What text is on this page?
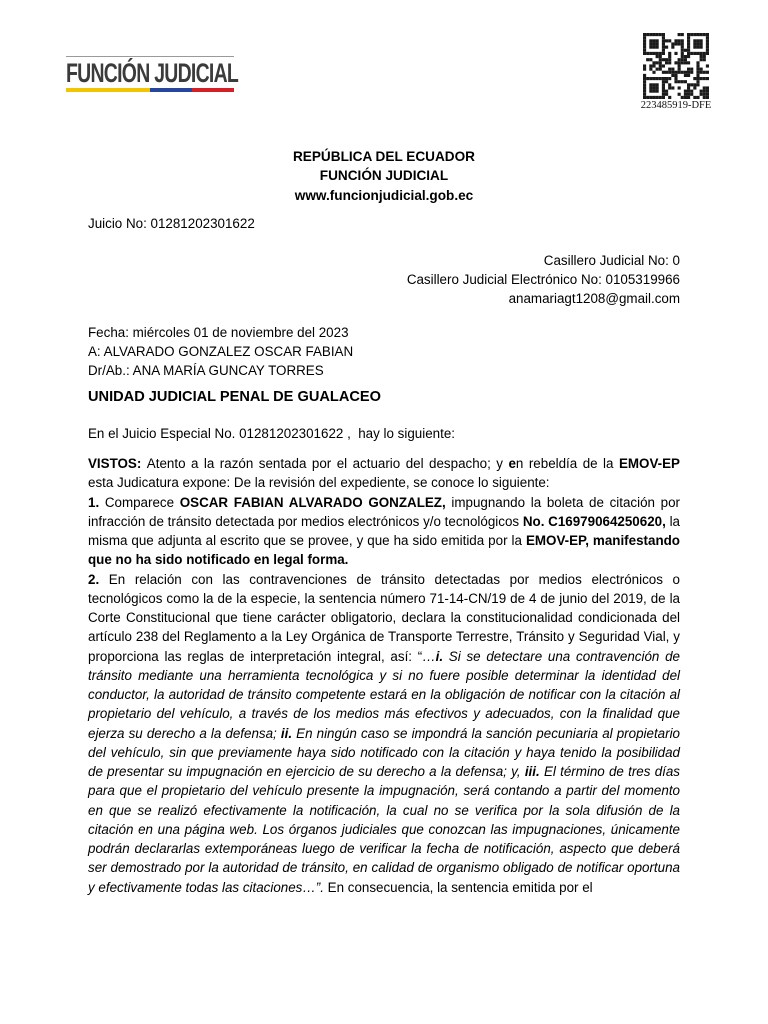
FUNCIÓN JUDICIAL
223485919-DFE
REPÚBLICA DEL ECUADOR
FUNCIÓN JUDICIAL
www.funcionjudicial.gob.ec
Juicio No: 01281202301622
Casillero Judicial No: 0
Casillero Judicial Electrónico No: 0105319966
anamariagt1208@gmail.com
Fecha: miércoles 01 de noviembre del 2023
A: ALVARADO GONZALEZ OSCAR FABIAN
Dr/Ab.: ANA MARÍA GUNCAY TORRES
UNIDAD JUDICIAL PENAL DE GUALACEO
En el Juicio Especial No. 01281202301622 ,  hay lo siguiente:

VISTOS: Atento a la razón sentada por el actuario del despacho; y en rebeldía de la EMOV-EP esta Judicatura expone: De la revisión del expediente, se conoce lo siguiente:

1. Comparece OSCAR FABIAN ALVARADO GONZALEZ, impugnando la boleta de citación por infracción de tránsito detectada por medios electrónicos y/o tecnológicos No. C16979064250620, la misma que adjunta al escrito que se provee, y que ha sido emitida por la EMOV-EP, manifestando que no ha sido notificado en legal forma.

2. En relación con las contravenciones de tránsito detectadas por medios electrónicos o tecnológicos como la de la especie, la sentencia número 71-14-CN/19 de 4 de junio del 2019, de la Corte Constitucional que tiene carácter obligatorio, declara la constitucionalidad condicionada del artículo 238 del Reglamento a la Ley Orgánica de Transporte Terrestre, Tránsito y Seguridad Vial, y proporciona las reglas de interpretación integral, así: “…i. Si se detectare una contravención de tránsito mediante una herramienta tecnológica y si no fuere posible determinar la identidad del conductor, la autoridad de tránsito competente estará en la obligación de notificar con la citación al propietario del vehículo, a través de los medios más efectivos y adecuados, con la finalidad que ejerza su derecho a la defensa; ii. En ningún caso se impondrá la sanción pecuniaria al propietario del vehículo, sin que previamente haya sido notificado con la citación y haya tenido la posibilidad de presentar su impugnación en ejercicio de su derecho a la defensa; y, iii. El término de tres días para que el propietario del vehículo presente la impugnación, será contando a partir del momento en que se realizó efectivamente la notificación, la cual no se verifica por la sola difusión de la citación en una página web. Los órganos judiciales que conozcan las impugnaciones, únicamente podrán declararlas extemporáneas luego de verificar la fecha de notificación, aspecto que deberá ser demostrado por la autoridad de tránsito, en calidad de organismo obligado de notificar oportuna y efectivamente todas las citaciones…”. En consecuencia, la sentencia emitida por el
